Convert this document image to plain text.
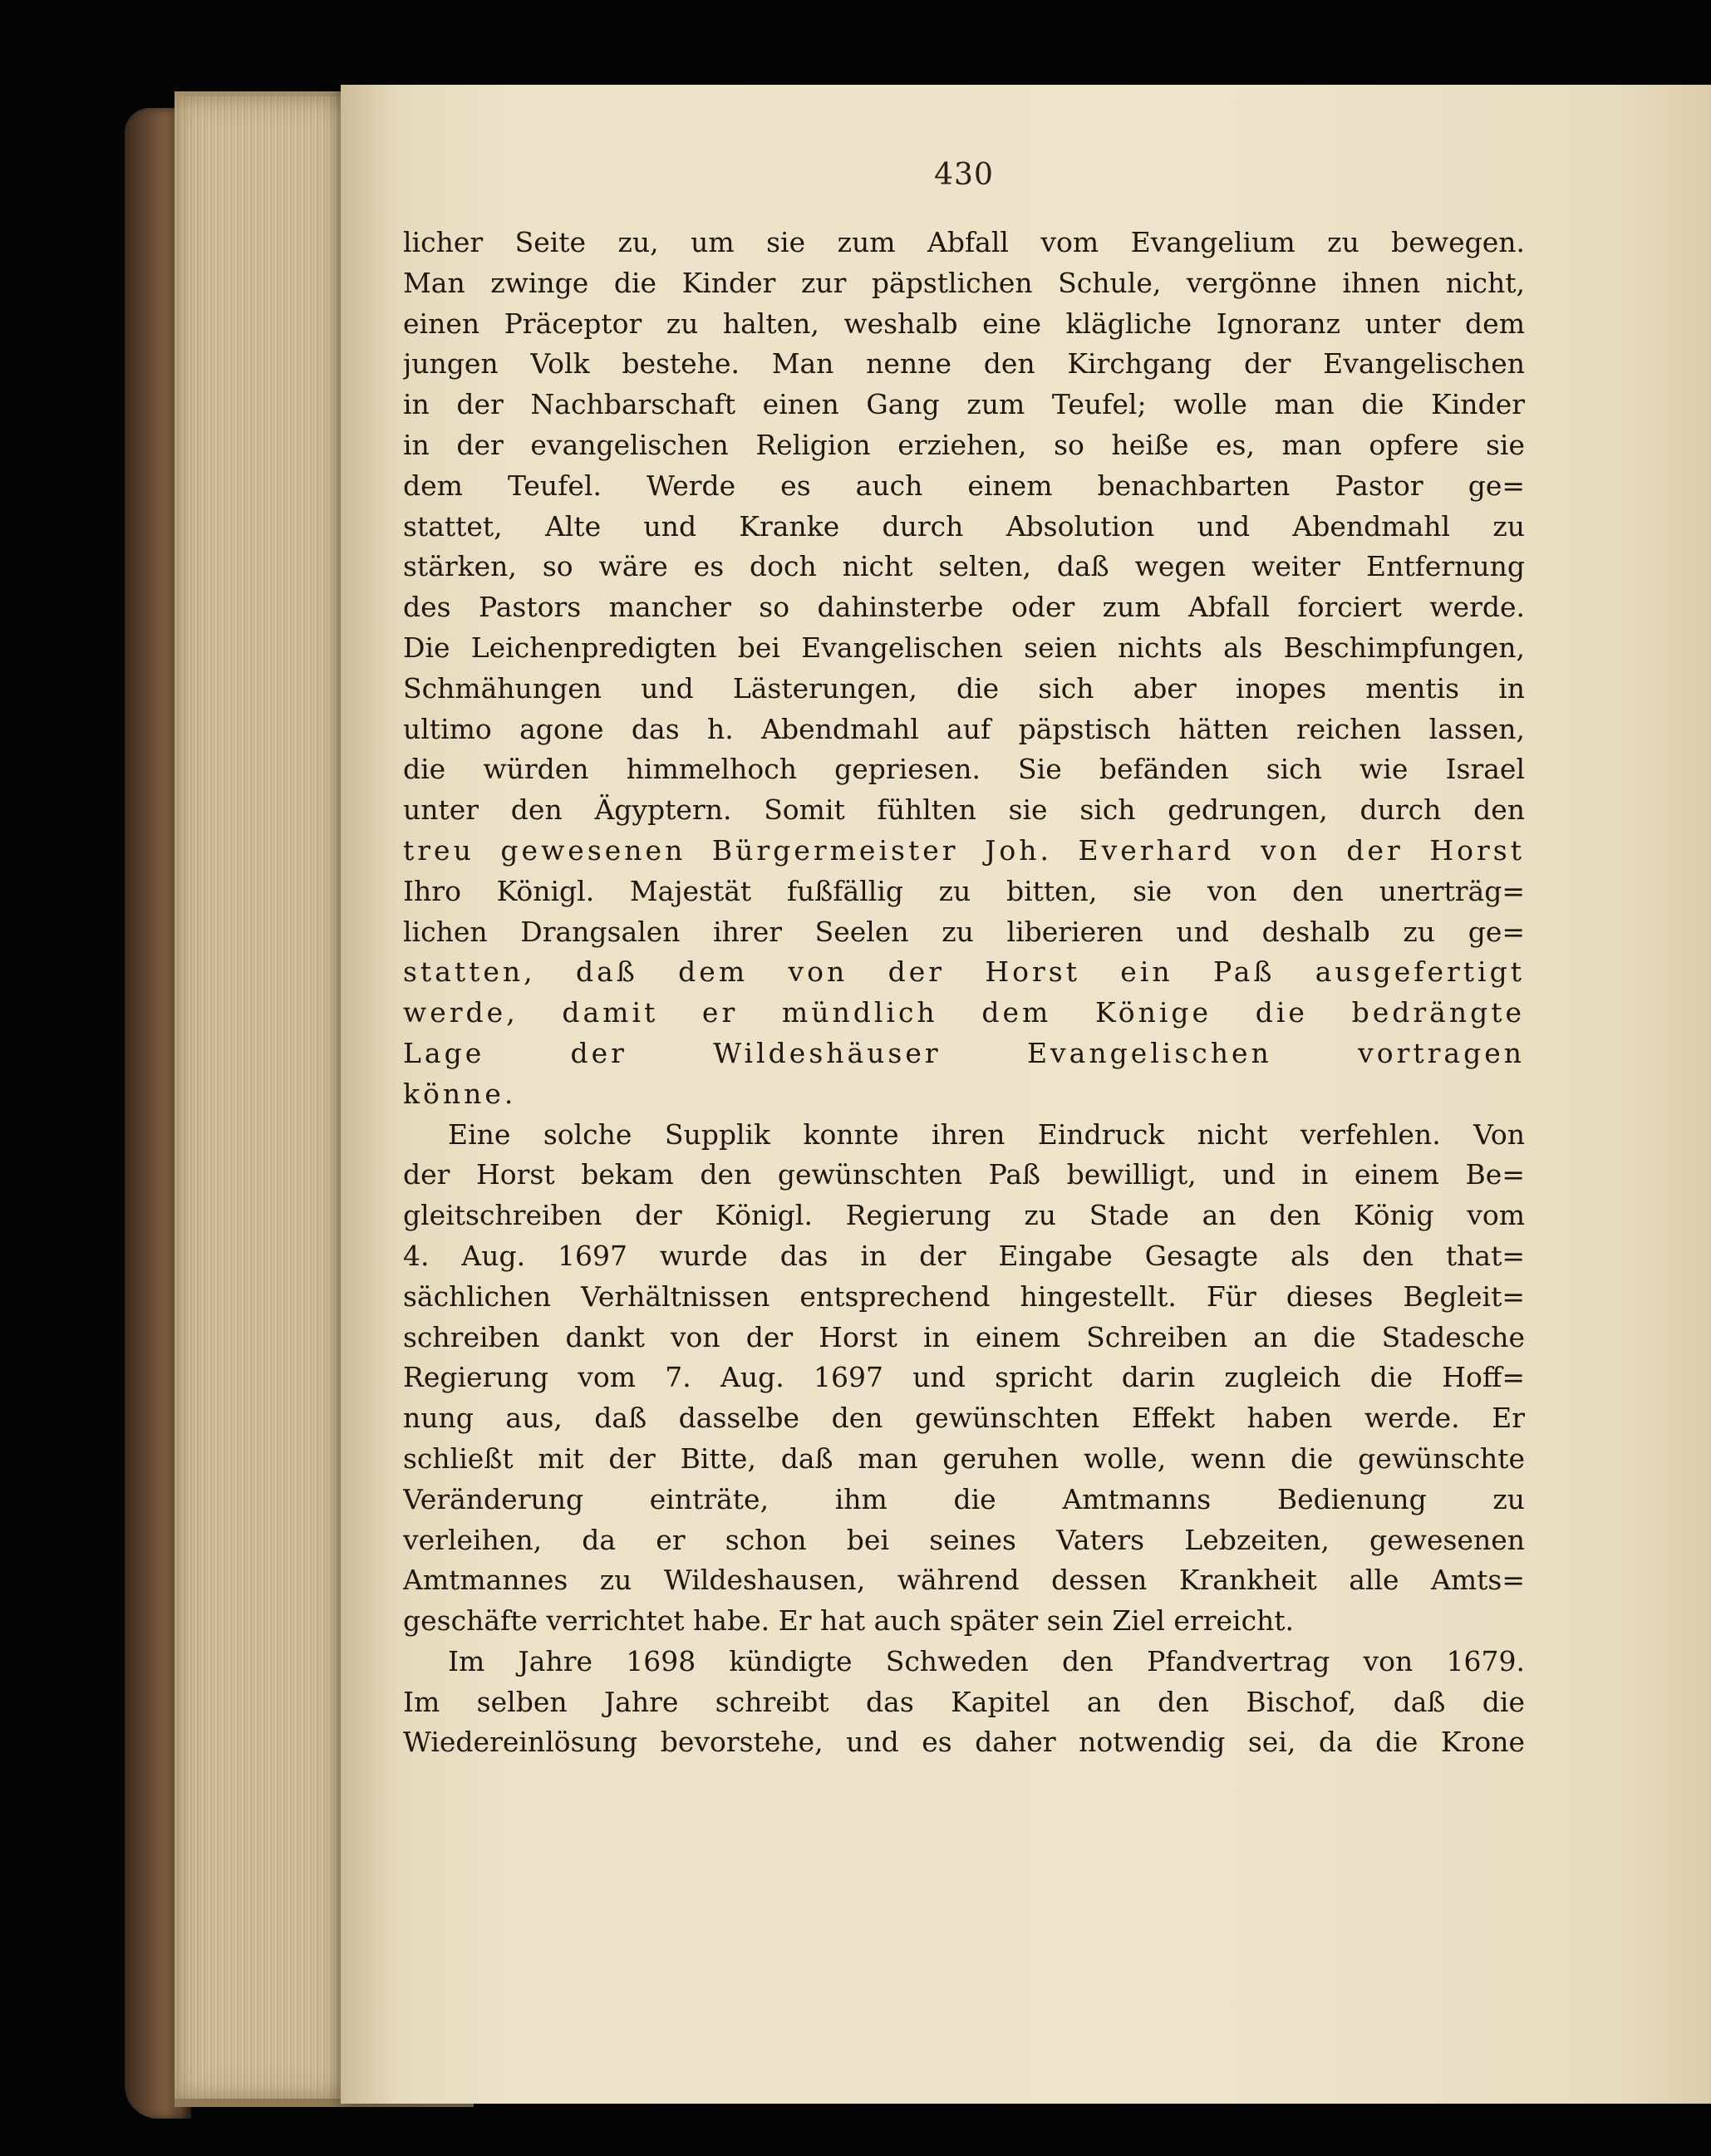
430
licher Seite zu, um sie zum Abfall vom Evangelium zu bewegen.
Man zwinge die Kinder zur päpstlichen Schule, vergönne ihnen nicht,
einen Präceptor zu halten, weshalb eine klägliche Ignoranz unter dem
jungen Volk bestehe. Man nenne den Kirchgang der Evangelischen
in der Nachbarschaft einen Gang zum Teufel; wolle man die Kinder
in der evangelischen Religion erziehen, so heiße es, man opfere sie
dem Teufel. Werde es auch einem benachbarten Pastor ge=
stattet, Alte und Kranke durch Absolution und Abendmahl zu
stärken, so wäre es doch nicht selten, daß wegen weiter Entfernung
des Pastors mancher so dahinsterbe oder zum Abfall forciert werde.
Die Leichenpredigten bei Evangelischen seien nichts als Beschimpfungen,
Schmähungen und Lästerungen, die sich aber inopes mentis in
ultimo agone das h. Abendmahl auf päpstisch hätten reichen lassen,
die würden himmelhoch gepriesen. Sie befänden sich wie Israel
unter den Ägyptern. Somit fühlten sie sich gedrungen, durch den
treu gewesenen Bürgermeister Joh. Everhard von der Horst
Ihro Königl. Majestät fußfällig zu bitten, sie von den unerträg=
lichen Drangsalen ihrer Seelen zu liberieren und deshalb zu ge=
statten, daß dem von der Horst ein Paß ausgefertigt
werde, damit er mündlich dem Könige die bedrängte
Lage der Wildeshäuser Evangelischen vortragen
könne.
Eine solche Supplik konnte ihren Eindruck nicht verfehlen. Von
der Horst bekam den gewünschten Paß bewilligt, und in einem Be=
gleitschreiben der Königl. Regierung zu Stade an den König vom
4. Aug. 1697 wurde das in der Eingabe Gesagte als den that=
sächlichen Verhältnissen entsprechend hingestellt. Für dieses Begleit=
schreiben dankt von der Horst in einem Schreiben an die Stadesche
Regierung vom 7. Aug. 1697 und spricht darin zugleich die Hoff=
nung aus, daß dasselbe den gewünschten Effekt haben werde. Er
schließt mit der Bitte, daß man geruhen wolle, wenn die gewünschte
Veränderung einträte, ihm die Amtmanns Bedienung zu
verleihen, da er schon bei seines Vaters Lebzeiten, gewesenen
Amtmannes zu Wildeshausen, während dessen Krankheit alle Amts=
geschäfte verrichtet habe. Er hat auch später sein Ziel erreicht.
Im Jahre 1698 kündigte Schweden den Pfandvertrag von 1679.
Im selben Jahre schreibt das Kapitel an den Bischof, daß die
Wiedereinlösung bevorstehe, und es daher notwendig sei, da die Krone
